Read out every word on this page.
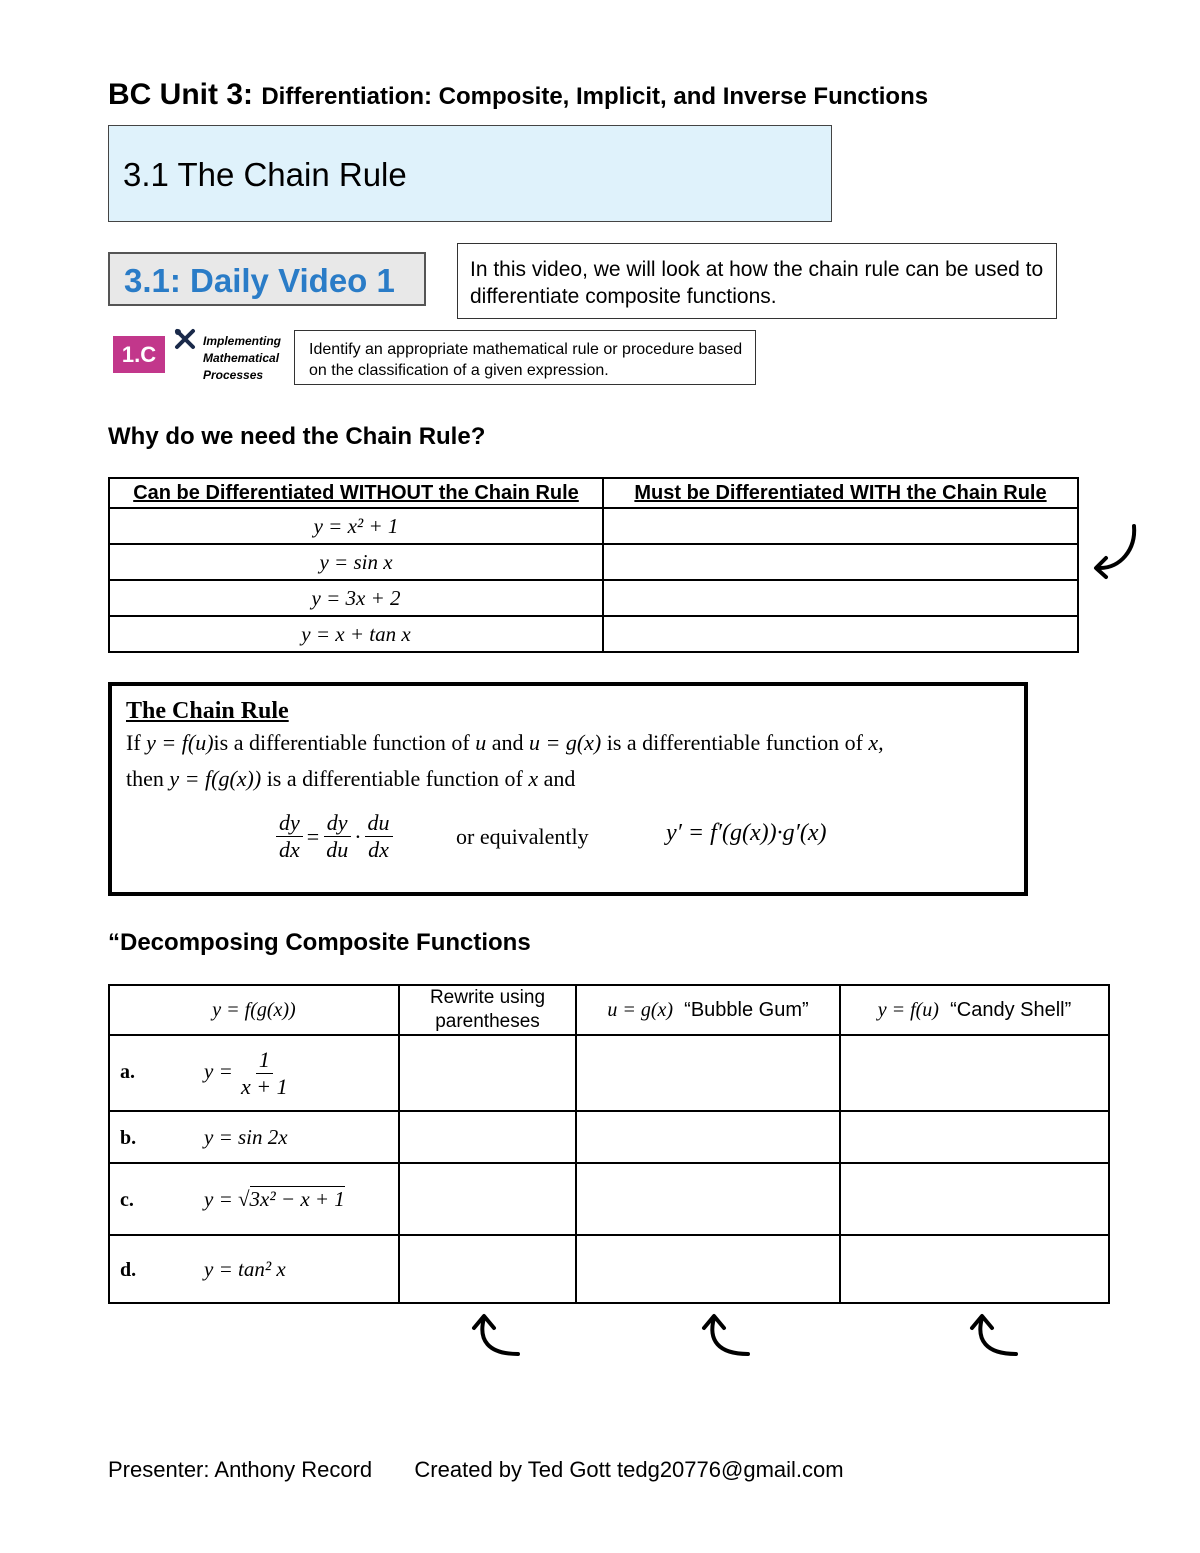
BC Unit 3: Differentiation: Composite, Implicit, and Inverse Functions
3.1 The Chain Rule
3.1: Daily Video 1	In this video, we will look at how the chain rule can be used to differentiate composite functions.
1.C
Implementing
Mathematical
Processes
Identify an appropriate mathematical rule or procedure based on the classification of a given expression.
Why do we need the Chain Rule?
Can be Differentiated WITHOUT the Chain Rule	Must be Differentiated WITH the Chain Rule
y = x² + 1	
y = sin x	
y = 3x + 2	
y = x + tan x	
The Chain Rule
If y = f(u)is a differentiable function of u and u = g(x) is a differentiable function of x,
then y = f(g(x)) is a differentiable function of x and
$\frac{dy}{dx} = \frac{dy}{du} \cdot \frac{du}{dx}$	or equivalently	y′ = f′(g(x))·g′(x)
“Decomposing Composite Functions
y = f(g(x))	Rewrite using parentheses	u = g(x) “Bubble Gum”	y = f(u) “Candy Shell”
a. $y = \frac{1}{x + 1}$

b. y = sin 2x			
c. y = √3x² − x + 1			
d. y = tan² x			
Presenter: Anthony Record Created by Ted Gott tedg20776@gmail.com
